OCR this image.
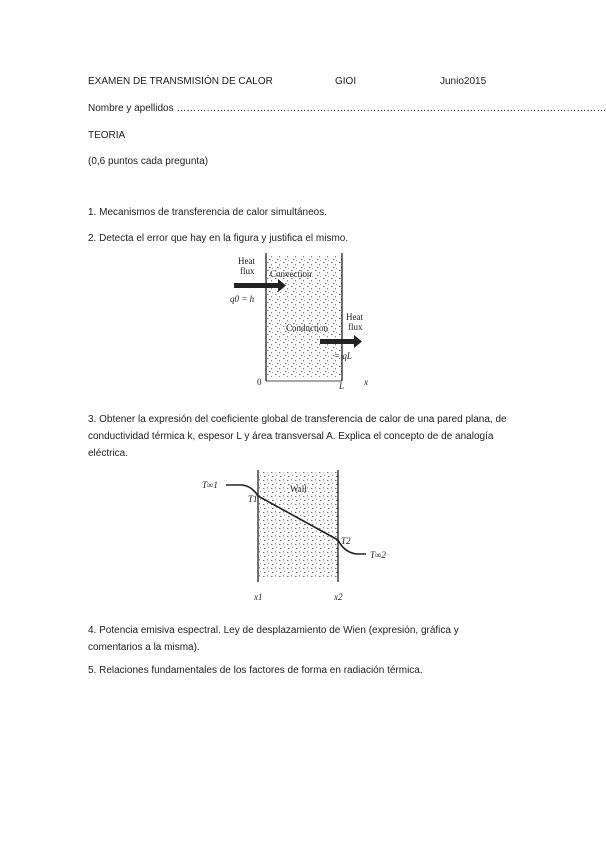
EXAMEN DE TRANSMISIÓN DE CALOR	GIOI	Junio2015
Nombre y apellidos …………………………………………………………………………………………………………………
TEORIA
(0,6 puntos cada pregunta)
1. Mecanismos de transferencia de calor simultáneos.
2. Detecta el error que hay en la figura y justifica el mismo.
Heat
flux Convection
q0 = h
Conduction
Heat
flux
= qL
0	L x
3. Obtener la expresión del coeficiente global de transferencia de calor de una pared plana, de conductividad térmica k, espesor L y área transversal A. Explica el concepto de de analogía eléctrica.
T∞1
T1
Wall
T2
T∞2
x1	x2
4. Potencia emisiva espectral. Ley de desplazamiento de Wien (expresión, gráfica y comentarios a la misma).
5. Relaciones fundamentales de los factores de forma en radiación térmica.
